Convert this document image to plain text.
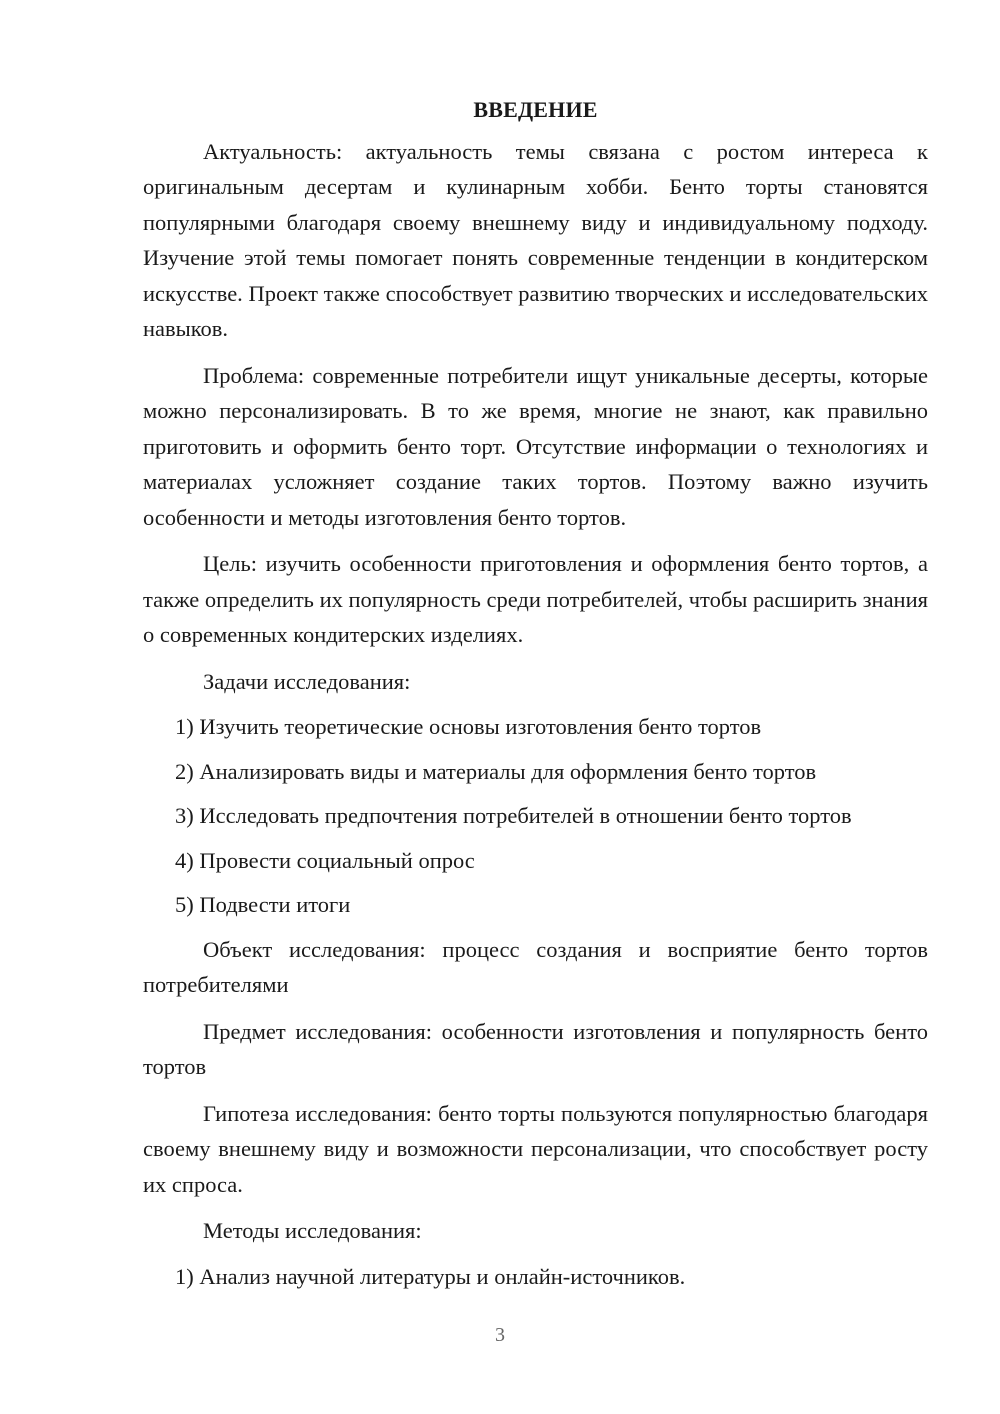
ВВЕДЕНИЕ

Актуальность: актуальность темы связана с ростом интереса к оригинальным десертам и кулинарным хобби. Бенто торты становятся популярными благодаря своему внешнему виду и индивидуальному подходу. Изучение этой темы помогает понять современные тенденции в кондитерском искусстве. Проект также способствует развитию творческих и исследовательских навыков.

Проблема: современные потребители ищут уникальные десерты, которые можно персонализировать. В то же время, многие не знают, как правильно приготовить и оформить бенто торт. Отсутствие информации о технологиях и материалах усложняет создание таких тортов. Поэтому важно изучить особенности и методы изготовления бенто тортов.

Цель: изучить особенности приготовления и оформления бенто тортов, а также определить их популярность среди потребителей, чтобы расширить знания о современных кондитерских изделиях.

Задачи исследования:
1) Изучить теоретические основы изготовления бенто тортов
2) Анализировать виды и материалы для оформления бенто тортов
3) Исследовать предпочтения потребителей в отношении бенто тортов
4) Провести социальный опрос
5) Подвести итоги

Объект исследования: процесс создания и восприятие бенто тортов потребителями

Предмет исследования: особенности изготовления и популярность бенто тортов

Гипотеза исследования: бенто торты пользуются популярностью благодаря своему внешнему виду и возможности персонализации, что способствует росту их спроса.

Методы исследования:
1) Анализ научной литературы и онлайн-источников.
3
